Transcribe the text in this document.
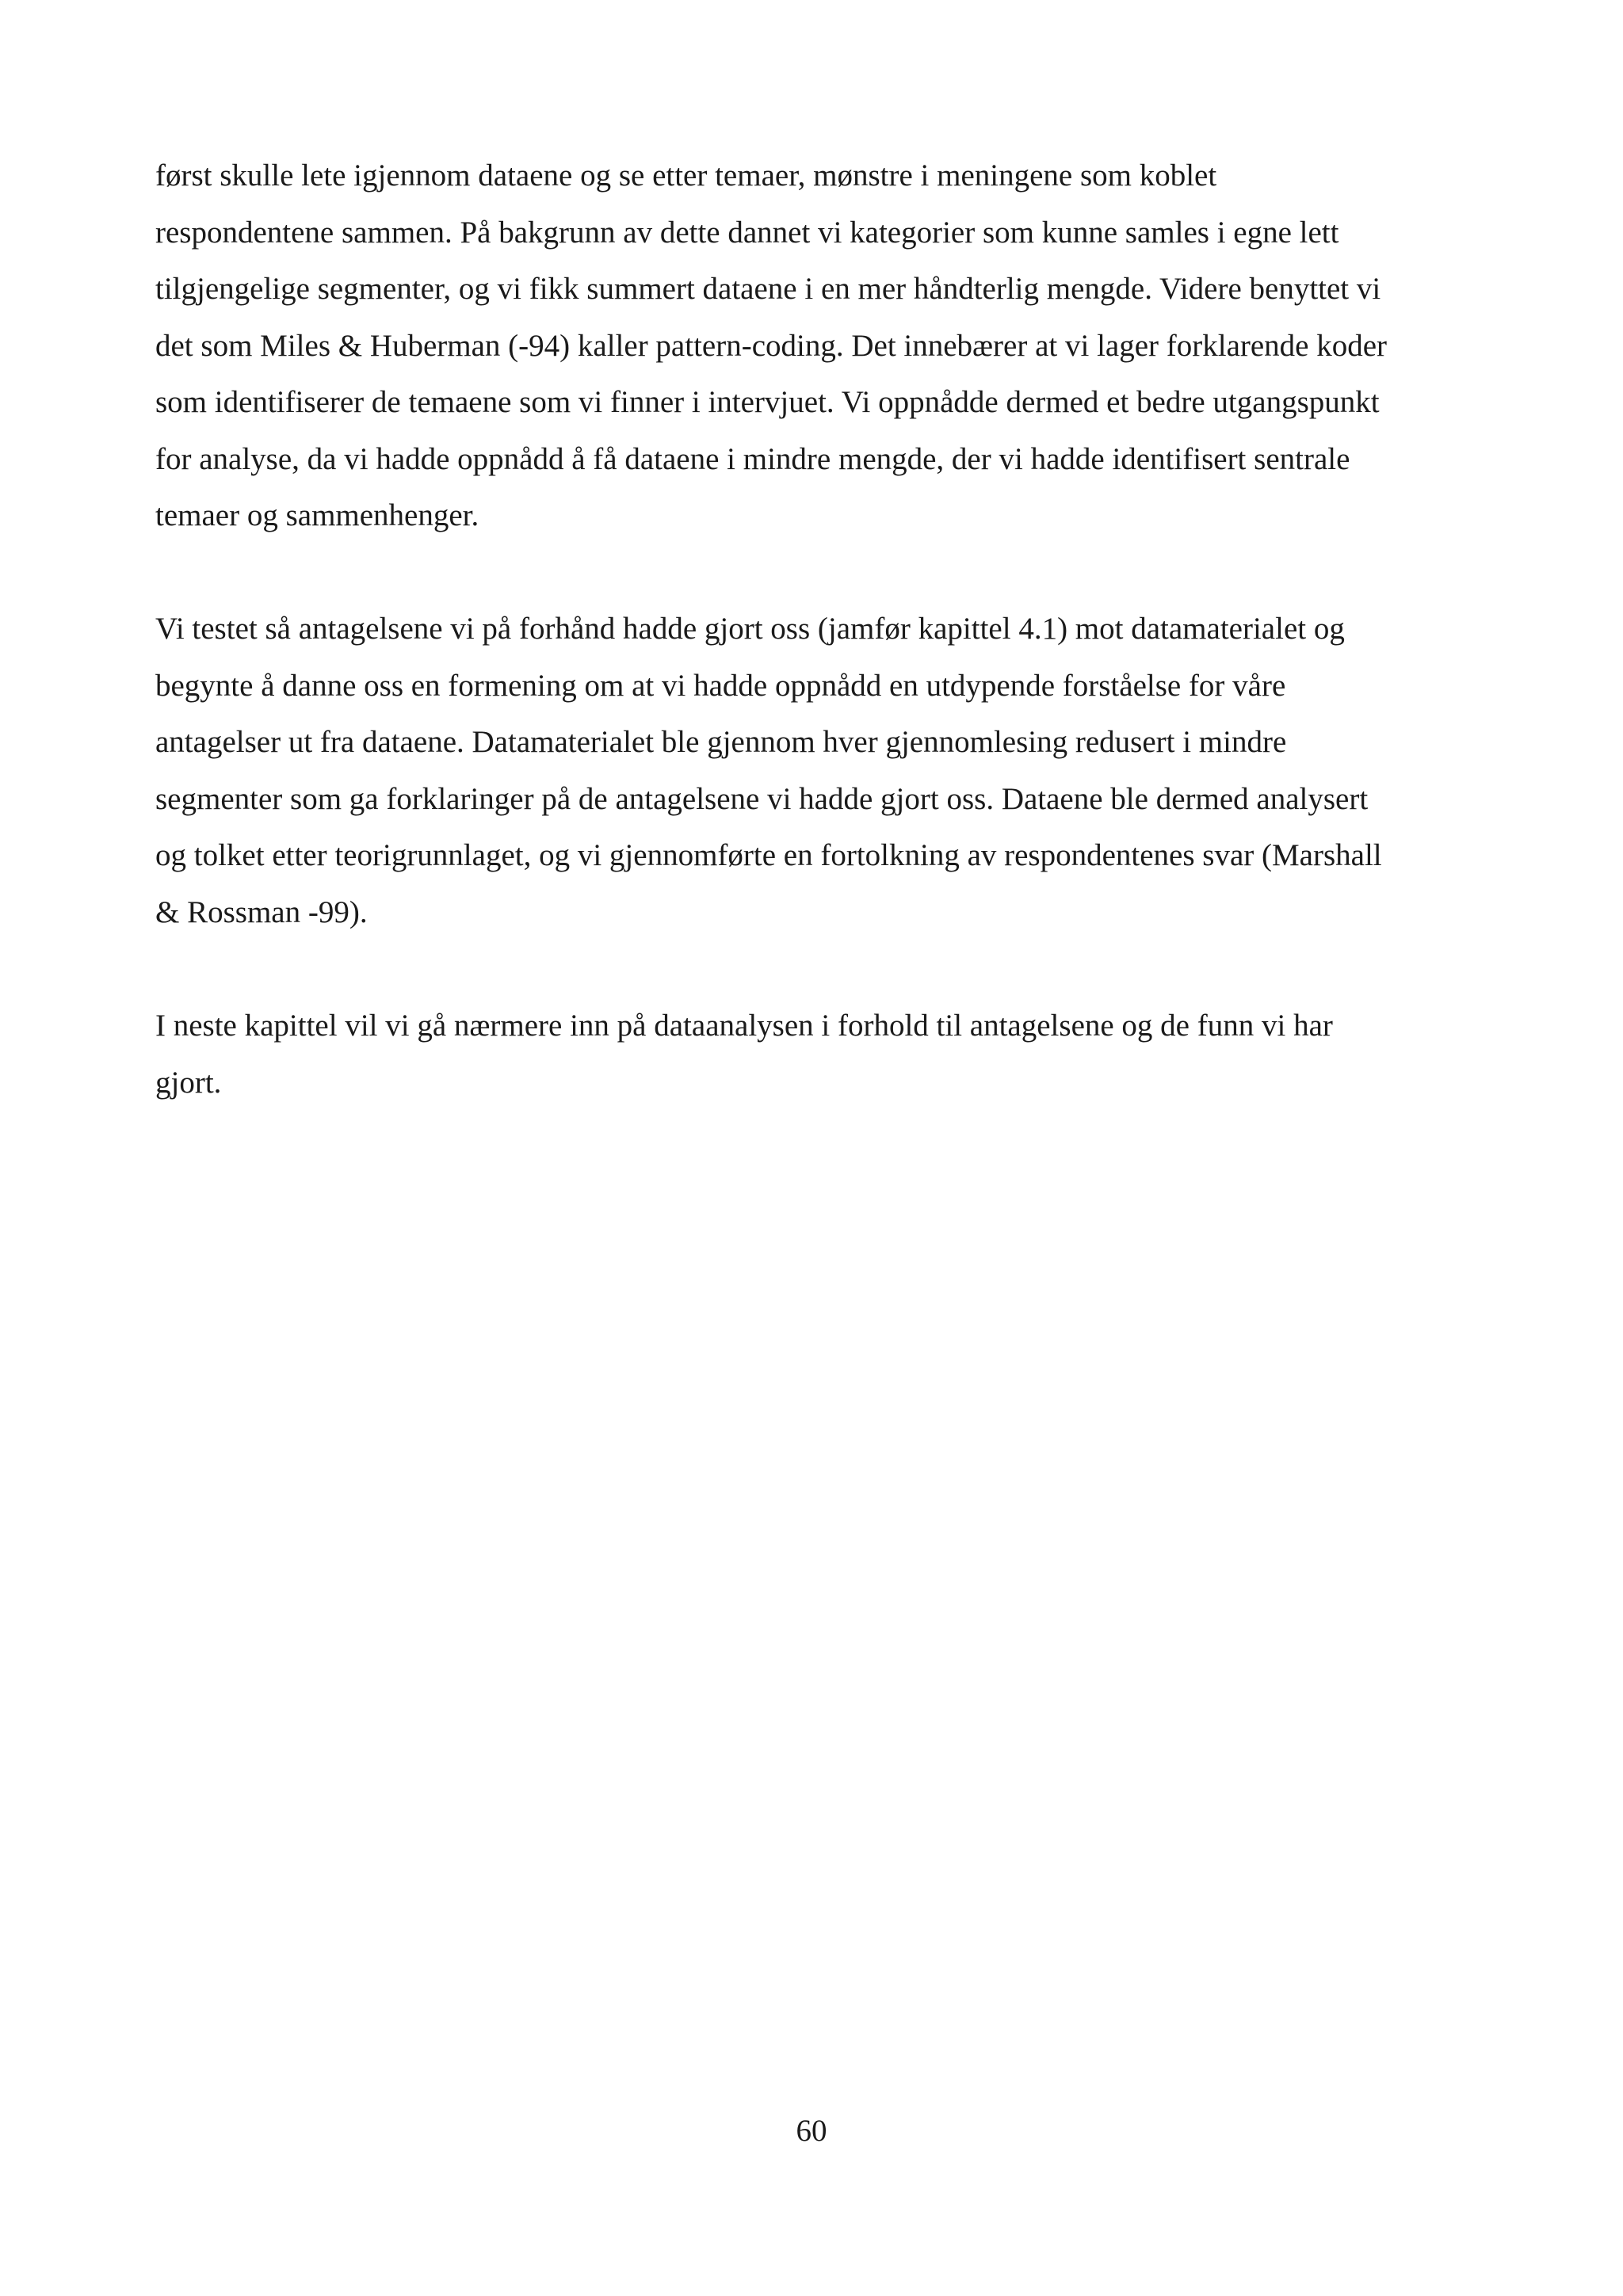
først skulle lete igjennom dataene og se etter temaer, mønstre i meningene som koblet
respondentene sammen. På bakgrunn av dette dannet vi kategorier som kunne samles i egne lett
tilgjengelige segmenter, og vi fikk summert dataene i en mer håndterlig mengde. Videre benyttet vi
det som Miles & Huberman (-94) kaller pattern-coding. Det innebærer at vi lager forklarende koder
som identifiserer de temaene som vi finner i intervjuet. Vi oppnådde dermed et bedre utgangspunkt
for analyse, da vi hadde oppnådd å få dataene i mindre mengde, der vi hadde identifisert sentrale
temaer og sammenhenger.
Vi testet så antagelsene vi på forhånd hadde gjort oss (jamfør kapittel 4.1) mot datamaterialet og
begynte å danne oss en formening om at vi hadde oppnådd en utdypende forståelse for våre
antagelser ut fra dataene. Datamaterialet ble gjennom hver gjennomlesing redusert i mindre
segmenter som ga forklaringer på de antagelsene vi hadde gjort oss. Dataene ble dermed analysert
og tolket etter teorigrunnlaget, og vi gjennomførte en fortolkning av respondentenes svar (Marshall
& Rossman -99).
I neste kapittel vil vi gå nærmere inn på dataanalysen i forhold til antagelsene og de funn vi har
gjort.
60
